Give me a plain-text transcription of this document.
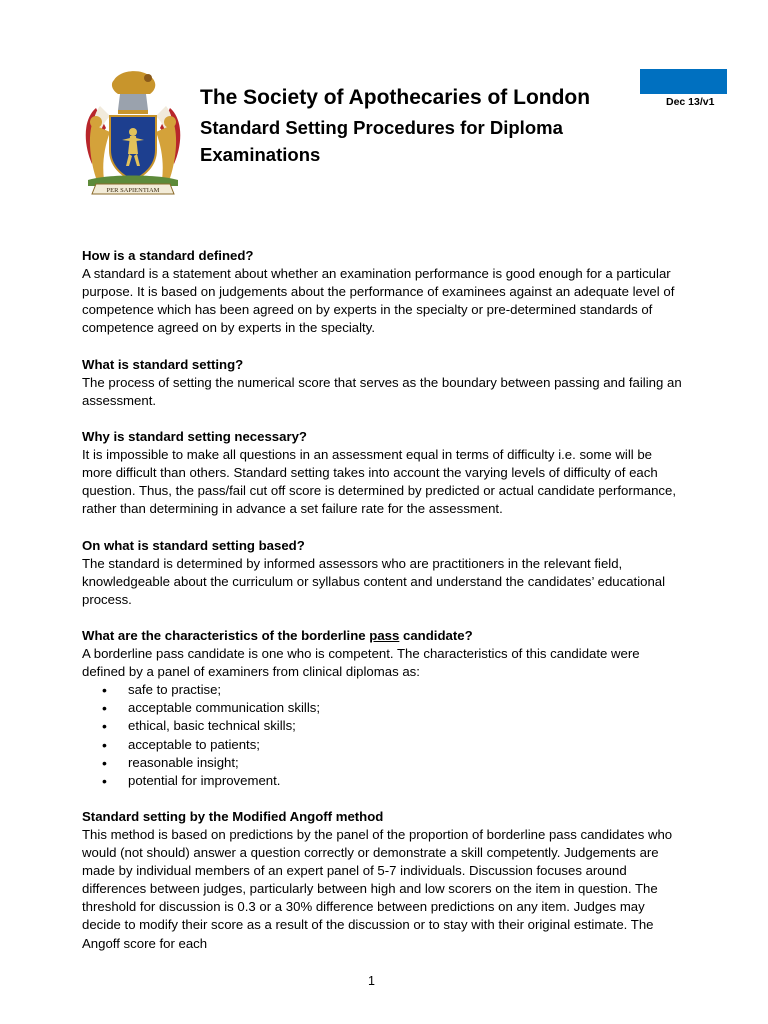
PER SAPIENTIAM
The Society of Apothecaries of London
Standard Setting Procedures for Diploma Examinations
Dec 13/v1
How is a standard defined?

A standard is a statement about whether an examination performance is good enough for a particular purpose. It is based on judgements about the performance of examinees against an adequate level of competence which has been agreed on by experts in the specialty or pre-determined standards of competence agreed on by experts in the specialty.

What is standard setting?

The process of setting the numerical score that serves as the boundary between passing and failing an assessment.

Why is standard setting necessary?

It is impossible to make all questions in an assessment equal in terms of difficulty i.e. some will be more difficult than others. Standard setting takes into account the varying levels of difficulty of each question. Thus, the pass/fail cut off score is determined by predicted or actual candidate performance, rather than determining in advance a set failure rate for the assessment.

On what is standard setting based?

The standard is determined by informed assessors who are practitioners in the relevant field, knowledgeable about the curriculum or syllabus content and understand the candidates’ educational process.

What are the characteristics of the borderline pass candidate?

A borderline pass candidate is one who is competent. The characteristics of this candidate were defined by a panel of examiners from clinical diplomas as:

• safe to practise;
• acceptable communication skills;
• ethical, basic technical skills;
• acceptable to patients;
• reasonable insight;
• potential for improvement.
Standard setting by the Modified Angoff method

This method is based on predictions by the panel of the proportion of borderline pass candidates who would (not should) answer a question correctly or demonstrate a skill competently. Judgements are made by individual members of an expert panel of 5-7 individuals. Discussion focuses around differences between judges, particularly between high and low scorers on the item in question. The threshold for discussion is 0.3 or a 30% difference between predictions on any item. Judges may decide to modify their score as a result of the discussion or to stay with their original estimate. The Angoff score for each

1
